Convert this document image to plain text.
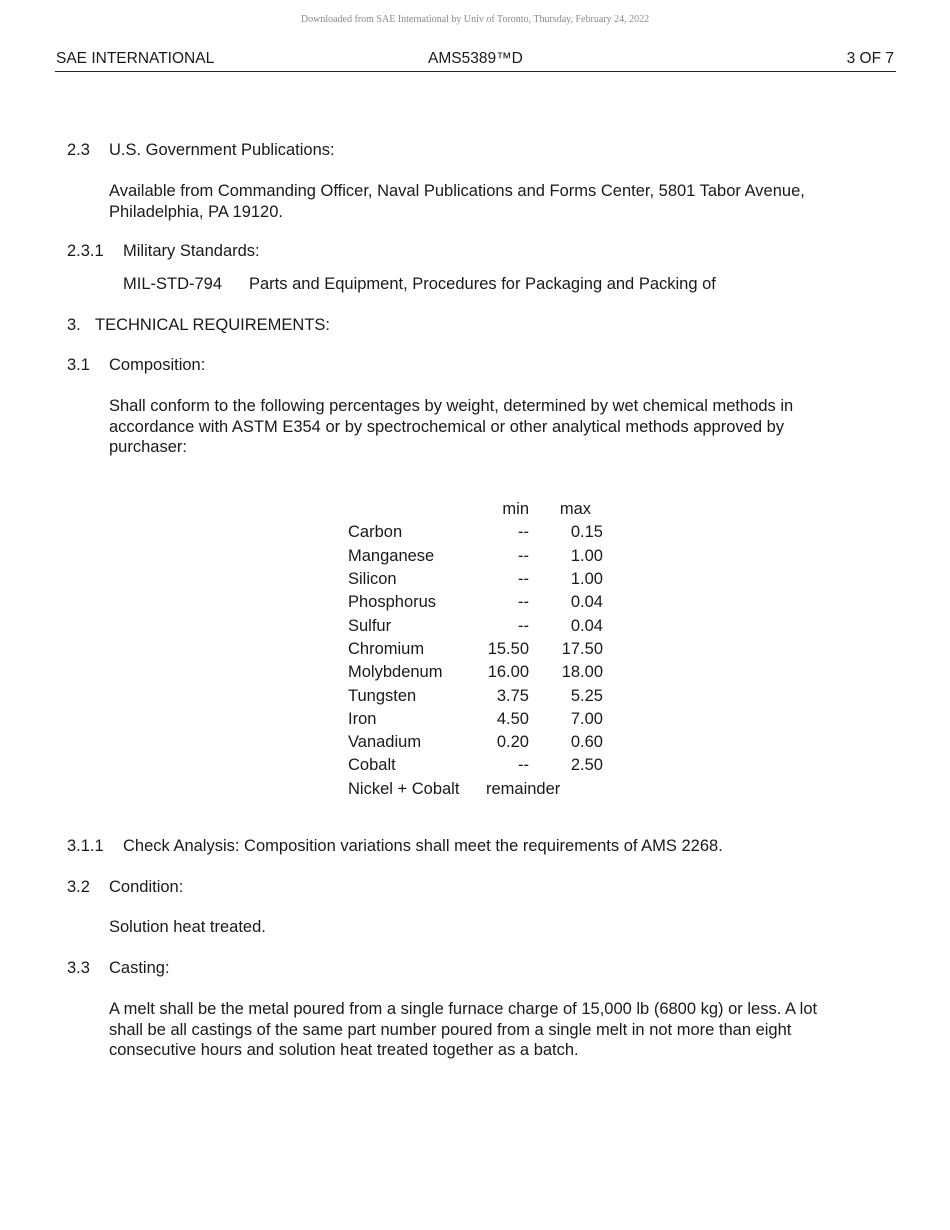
Downloaded from SAE International by Univ of Toronto, Thursday, February 24, 2022
SAE INTERNATIONAL	AMS5389™D	3 OF 7
2.3 U.S. Government Publications:
Available from Commanding Officer, Naval Publications and Forms Center, 5801 Tabor Avenue, Philadelphia, PA 19120.
2.3.1 Military Standards:
MIL-STD-794 Parts and Equipment, Procedures for Packaging and Packing of
3. TECHNICAL REQUIREMENTS:
3.1 Composition:
Shall conform to the following percentages by weight, determined by wet chemical methods in accordance with ASTM E354 or by spectrochemical or other analytical methods approved by purchaser:
	min	max
Carbon	--	0.15
Manganese	--	1.00
Silicon	--	1.00
Phosphorus	--	0.04
Sulfur	--	0.04
Chromium	15.50	17.50
Molybdenum	16.00	18.00
Tungsten	3.75	5.25
Iron	4.50	7.00
Vanadium	0.20	0.60
Cobalt	--	2.50
Nickel + Cobalt	remainder	
3.1.1 Check Analysis: Composition variations shall meet the requirements of AMS 2268.
3.2 Condition:
Solution heat treated.
3.3 Casting:
A melt shall be the metal poured from a single furnace charge of 15,000 lb (6800 kg) or less. A lot shall be all castings of the same part number poured from a single melt in not more than eight consecutive hours and solution heat treated together as a batch.
